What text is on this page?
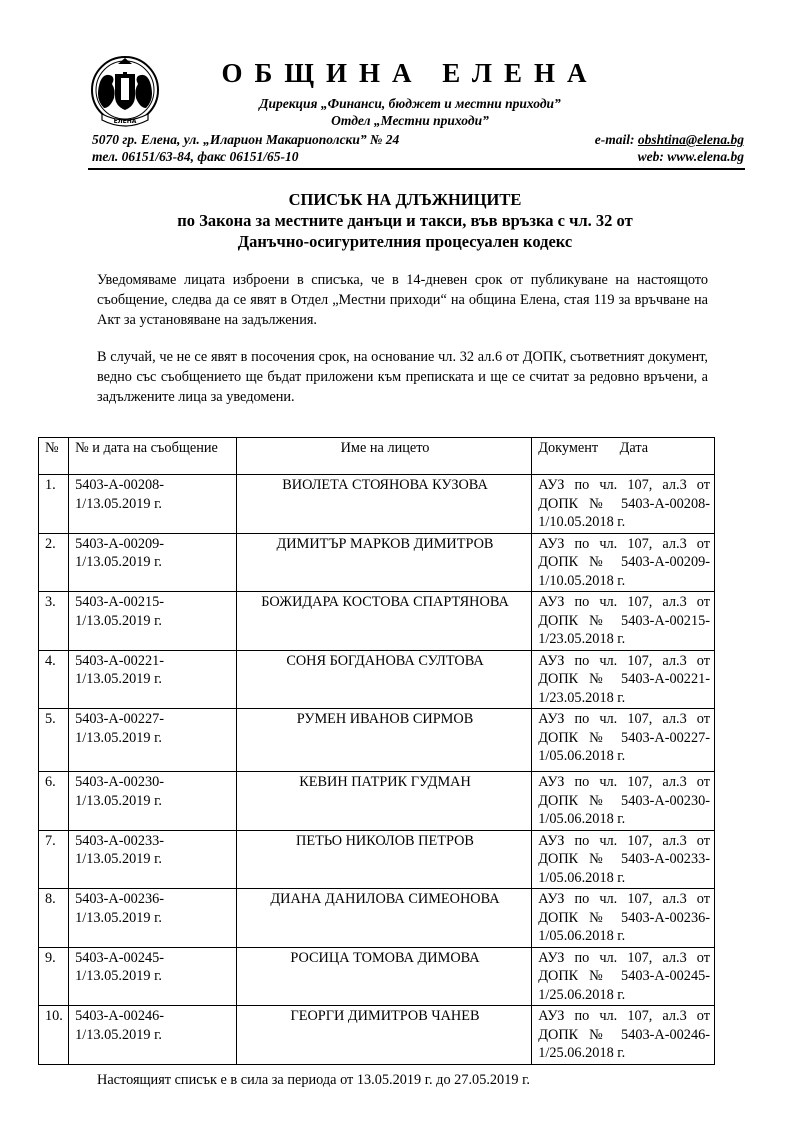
ЕЛЕНА
ОБЩИНА ЕЛЕНА
Дирекция „Финанси, бюджет и местни приходи”
Отдел „Местни приходи”
5070 гр. Елена, ул. „Иларион Макариополски” № 24
тел. 06151/63-84, факс 06151/65-10
e-mail: obshtina@elena.bg
web: www.elena.bg
СПИСЪК НА ДЛЪЖНИЦИТЕ
по Закона за местните данъци и такси, във връзка с чл. 32 от
Данъчно-осигурителния процесуален кодекс
Уведомяваме лицата изброени в списъка, че в 14-дневен срок от публикуване на настоящото съобщение, следва да се явят в Отдел „Местни приходи“ на община Елена, стая 119 за връчване на Акт за установяване на задължения.
В случай, че не се явят в посочения срок, на основание чл. 32 ал.6 от ДОПК, съответният документ, ведно със съобщението ще бъдат приложени към преписката и ще се считат за редовно връчени, а задължените лица за уведомени.
№	№ и дата на съобщение	Име на лицето	Документ      Дата
1.	5403-А-00208-1/13.05.2019 г.	ВИОЛЕТА СТОЯНОВА КУЗОВА	АУЗ по чл. 107, ал.3 от ДОПК № 5403-А-00208-1/10.05.2018 г.
2.	5403-А-00209-1/13.05.2019 г.	ДИМИТЪР МАРКОВ ДИМИТРОВ	АУЗ по чл. 107, ал.3 от ДОПК № 5403-А-00209-1/10.05.2018 г.
3.	5403-А-00215-1/13.05.2019 г.	БОЖИДАРА КОСТОВА СПАРТЯНОВА	АУЗ по чл. 107, ал.3 от ДОПК № 5403-А-00215-1/23.05.2018 г.
4.	5403-А-00221-1/13.05.2019 г.	СОНЯ БОГДАНОВА СУЛТОВА	АУЗ по чл. 107, ал.3 от ДОПК № 5403-А-00221-1/23.05.2018 г.
5.	5403-А-00227-1/13.05.2019 г.	РУМЕН ИВАНОВ СИРМОВ	АУЗ по чл. 107, ал.3 от ДОПК № 5403-А-00227-1/05.06.2018 г.
6.	5403-А-00230-1/13.05.2019 г.	КЕВИН ПАТРИК ГУДМАН	АУЗ по чл. 107, ал.3 от ДОПК № 5403-А-00230-1/05.06.2018 г.
7.	5403-А-00233-1/13.05.2019 г.	ПЕТЬО НИКОЛОВ ПЕТРОВ	АУЗ по чл. 107, ал.3 от ДОПК № 5403-А-00233-1/05.06.2018 г.
8.	5403-А-00236-1/13.05.2019 г.	ДИАНА ДАНИЛОВА СИМЕОНОВА	АУЗ по чл. 107, ал.3 от ДОПК № 5403-А-00236-1/05.06.2018 г.
9.	5403-А-00245-1/13.05.2019 г.	РОСИЦА ТОМОВА ДИМОВА	АУЗ по чл. 107, ал.3 от ДОПК № 5403-А-00245-1/25.06.2018 г.
10.	5403-А-00246-1/13.05.2019 г.	ГЕОРГИ ДИМИТРОВ ЧАНЕВ	АУЗ по чл. 107, ал.3 от ДОПК № 5403-А-00246-1/25.06.2018 г.
Настоящият списък е в сила за периода от 13.05.2019 г. до 27.05.2019 г.
